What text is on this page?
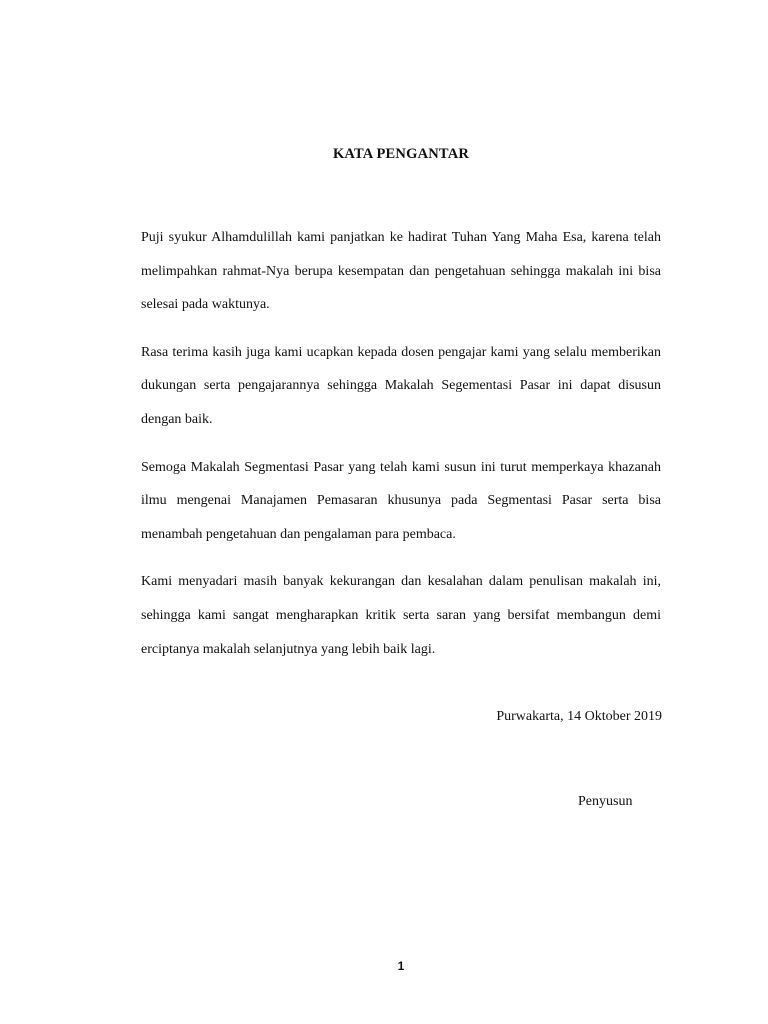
KATA PENGANTAR

Puji syukur Alhamdulillah kami panjatkan ke hadirat Tuhan Yang Maha Esa, karena telah melimpahkan rahmat-Nya berupa kesempatan dan pengetahuan sehingga makalah ini bisa selesai pada waktunya.

Rasa terima kasih juga kami ucapkan kepada dosen pengajar kami yang selalu memberikan dukungan serta pengajarannya sehingga Makalah Segementasi Pasar ini dapat disusun dengan baik.

Semoga Makalah Segmentasi Pasar yang telah kami susun ini turut memperkaya khazanah ilmu mengenai Manajamen Pemasaran khusunya pada Segmentasi Pasar serta bisa menambah pengetahuan dan pengalaman para pembaca.

Kami menyadari masih banyak kekurangan dan kesalahan dalam penulisan makalah ini, sehingga kami sangat mengharapkan kritik serta saran yang bersifat membangun demi erciptanya makalah selanjutnya yang lebih baik lagi.

Purwakarta, 14 Oktober 2019
Penyusun
1
